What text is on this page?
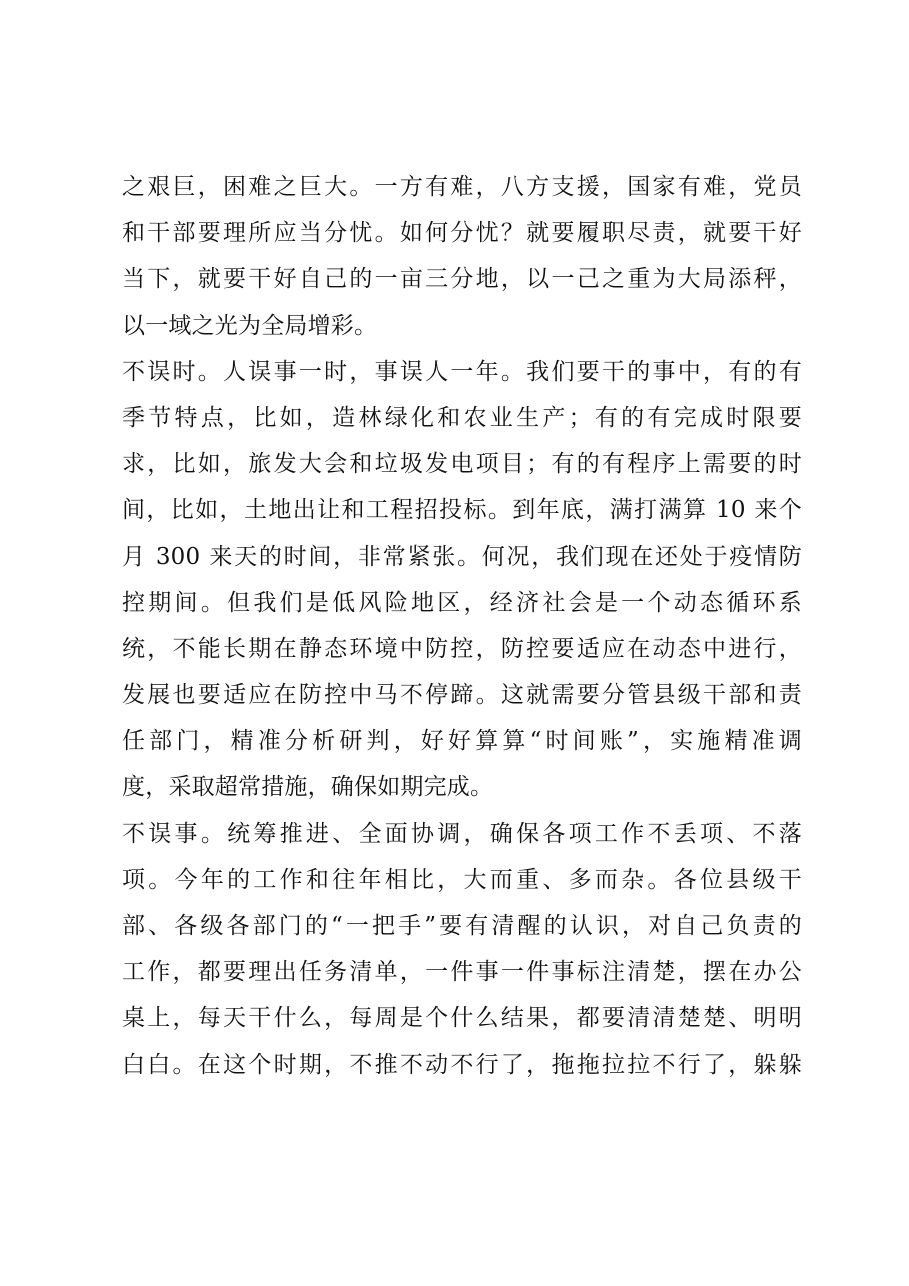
之艰巨，困难之巨大。一方有难，八方支援，国家有难，党员
和干部要理所应当分忧。如何分忧？就要履职尽责，就要干好
当下，就要干好自己的一亩三分地，以一己之重为大局添秤，
以一域之光为全局增彩。
不误时。人误事一时，事误人一年。我们要干的事中，有的有
季节特点，比如，造林绿化和农业生产；有的有完成时限要
求，比如，旅发大会和垃圾发电项目；有的有程序上需要的时
间，比如，土地出让和工程招投标。到年底，满打满算 10 来个
月 300 来天的时间，非常紧张。何况，我们现在还处于疫情防
控期间。但我们是低风险地区，经济社会是一个动态循环系
统，不能长期在静态环境中防控，防控要适应在动态中进行，
发展也要适应在防控中马不停蹄。这就需要分管县级干部和责
任部门，精准分析研判，好好算算“时间账”，实施精准调
度，采取超常措施，确保如期完成。
不误事。统筹推进、全面协调，确保各项工作不丢项、不落
项。今年的工作和往年相比，大而重、多而杂。各位县级干
部、各级各部门的“一把手”要有清醒的认识，对自己负责的
工作，都要理出任务清单，一件事一件事标注清楚，摆在办公
桌上，每天干什么，每周是个什么结果，都要清清楚楚、明明
白白。在这个时期，不推不动不行了，拖拖拉拉不行了，躲躲
